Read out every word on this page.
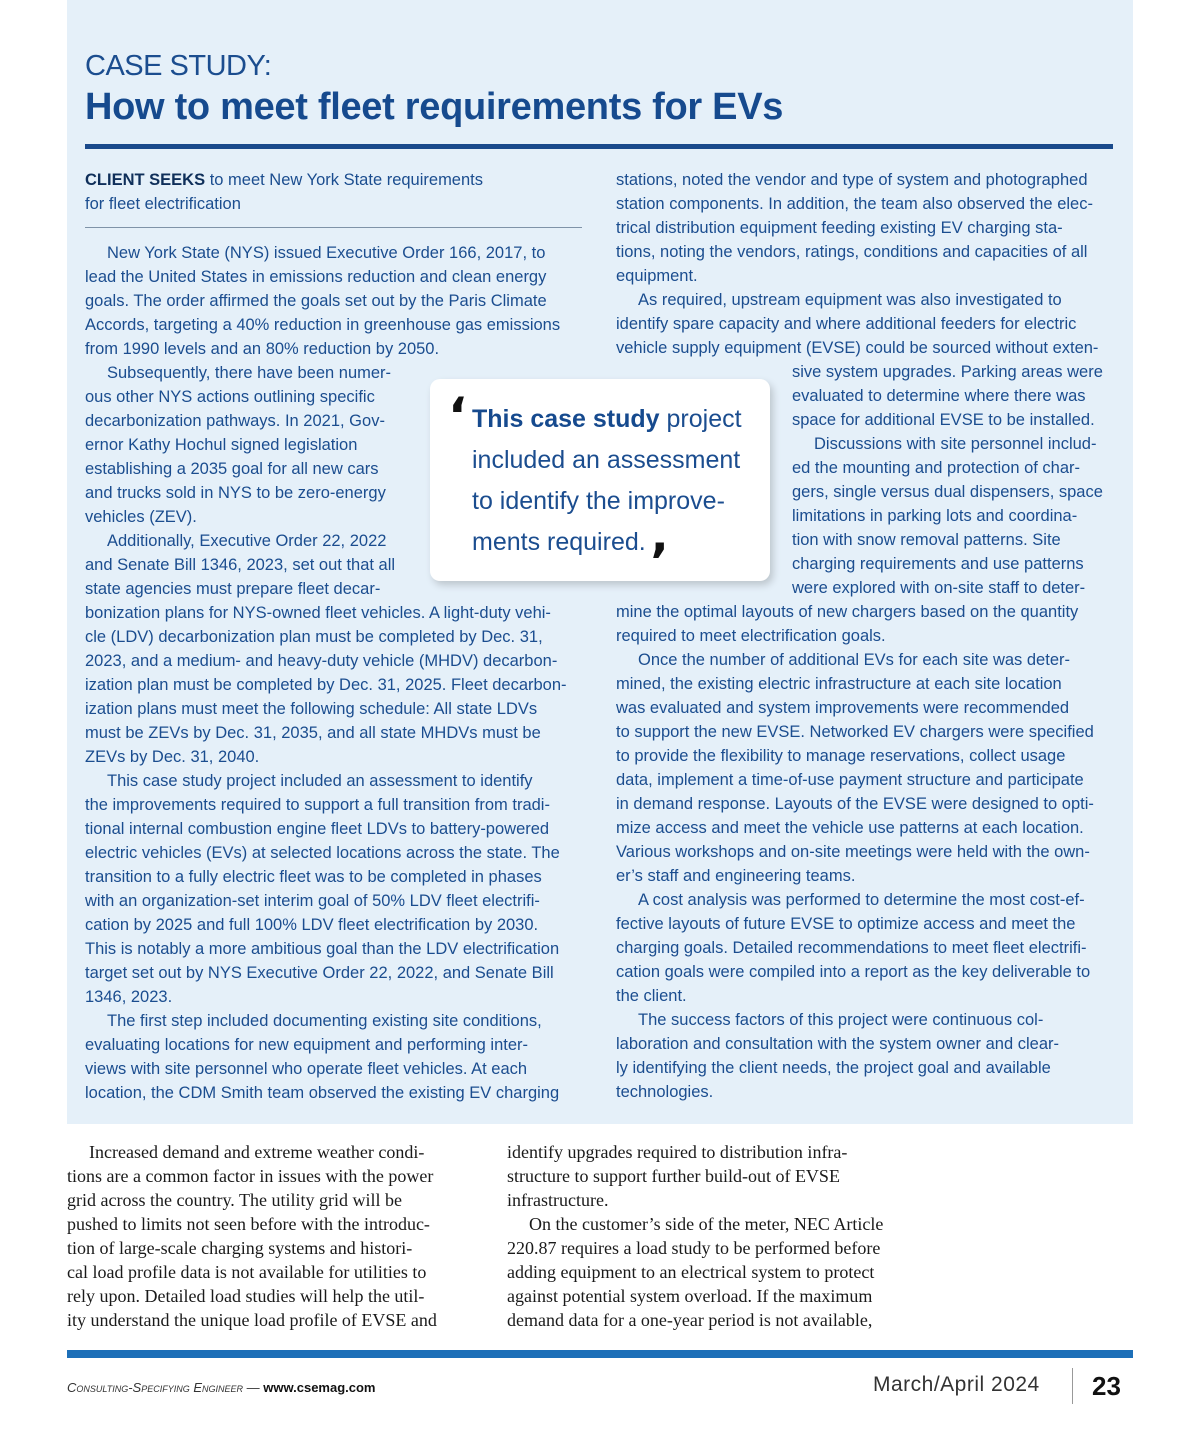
CASE STUDY:
How to meet fleet requirements for EVs
CLIENT SEEKS to meet New York State requirements
for fleet electrification
New York State (NYS) issued Executive Order 166, 2017, to
lead the United States in emissions reduction and clean energy
goals. The order affirmed the goals set out by the Paris Climate
Accords, targeting a 40% reduction in greenhouse gas emissions
from 1990 levels and an 80% reduction by 2050.
Subsequently, there have been numer-
ous other NYS actions outlining specific
decarbonization pathways. In 2021, Gov-
ernor Kathy Hochul signed legislation
establishing a 2035 goal for all new cars
and trucks sold in NYS to be zero-energy
vehicles (ZEV).
Additionally, Executive Order 22, 2022
and Senate Bill 1346, 2023, set out that all
state agencies must prepare fleet decar-
bonization plans for NYS-owned fleet vehicles. A light-duty vehi-
cle (LDV) decarbonization plan must be completed by Dec. 31,
2023, and a medium- and heavy-duty vehicle (MHDV) decarbon-
ization plan must be completed by Dec. 31, 2025. Fleet decarbon-
ization plans must meet the following schedule: All state LDVs
must be ZEVs by Dec. 31, 2035, and all state MHDVs must be
ZEVs by Dec. 31, 2040.
This case study project included an assessment to identify
the improvements required to support a full transition from tradi-
tional internal combustion engine fleet LDVs to battery-powered
electric vehicles (EVs) at selected locations across the state. The
transition to a fully electric fleet was to be completed in phases
with an organization-set interim goal of 50% LDV fleet electrifi-
cation by 2025 and full 100% LDV fleet electrification by 2030.
This is notably a more ambitious goal than the LDV electrification
target set out by NYS Executive Order 22, 2022, and Senate Bill
1346, 2023.
The first step included documenting existing site conditions,
evaluating locations for new equipment and performing inter-
views with site personnel who operate fleet vehicles. At each
location, the CDM Smith team observed the existing EV charging
stations, noted the vendor and type of system and photographed
station components. In addition, the team also observed the elec-
trical distribution equipment feeding existing EV charging sta-
tions, noting the vendors, ratings, conditions and capacities of all
equipment.
As required, upstream equipment was also investigated to
identify spare capacity and where additional feeders for electric
vehicle supply equipment (EVSE) could be sourced without exten-
sive system upgrades. Parking areas were
evaluated to determine where there was
space for additional EVSE to be installed.
Discussions with site personnel includ-
ed the mounting and protection of char-
gers, single versus dual dispensers, space
limitations in parking lots and coordina-
tion with snow removal patterns. Site
charging requirements and use patterns
were explored with on-site staff to deter-
mine the optimal layouts of new chargers based on the quantity
required to meet electrification goals.
Once the number of additional EVs for each site was deter-
mined, the existing electric infrastructure at each site location
was evaluated and system improvements were recommended
to support the new EVSE. Networked EV chargers were specified
to provide the flexibility to manage reservations, collect usage
data, implement a time-of-use payment structure and participate
in demand response. Layouts of the EVSE were designed to opti-
mize access and meet the vehicle use patterns at each location.
Various workshops and on-site meetings were held with the own-
er’s staff and engineering teams.
A cost analysis was performed to determine the most cost-ef-
fective layouts of future EVSE to optimize access and meet the
charging goals. Detailed recommendations to meet fleet electrifi-
cation goals were compiled into a report as the key deliverable to
the client.
The success factors of this project were continuous col-
laboration and consultation with the system owner and clear-
ly identifying the client needs, the project goal and available
technologies.
‘ This case study project
included an assessment
to identify the improve-
ments required. ’
Increased demand and extreme weather condi-
tions are a common factor in issues with the power
grid across the country. The utility grid will be
pushed to limits not seen before with the introduc-
tion of large-scale charging systems and histori-
cal load profile data is not available for utilities to
rely upon. Detailed load studies will help the util-
ity understand the unique load profile of EVSE and
identify upgrades required to distribution infra-
structure to support further build-out of EVSE
infrastructure.
On the customer’s side of the meter, NEC Article
220.87 requires a load study to be performed before
adding equipment to an electrical system to protect
against potential system overload. If the maximum
demand data for a one-year period is not available,
Consulting-Specifying Engineer — www.csemag.com	March/April 2024 23
